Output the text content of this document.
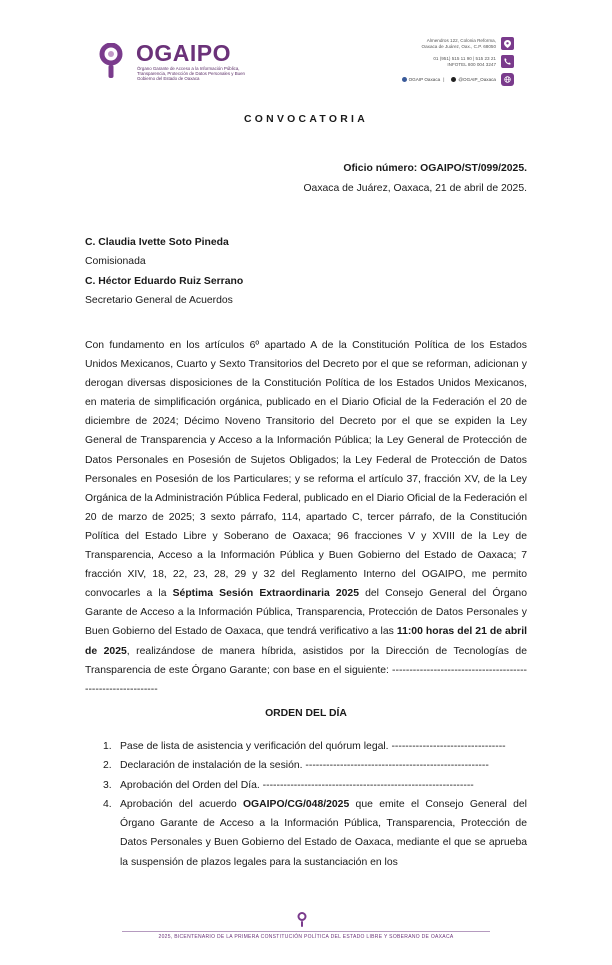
OGAIPO
Órgano Garante de Acceso a la Información Pública, Transparencia, Protección de Datos Personales y Buen Gobierno del Estado de Oaxaca
Almendros 122, Colonia Reforma,
Oaxaca de Juárez, Oax., C.P. 68050
01 (951) 515 11 90 | 515 23 21
INFOTEL 800 004 3247
OGAIP Oaxaca |	@OGAIP_Oaxaca
CONVOCATORIA
Oficio número: OGAIPO/ST/099/2025.
Oaxaca de Juárez, Oaxaca, 21 de abril de 2025.
C. Claudia Ivette Soto Pineda
Comisionada
C. Héctor Eduardo Ruiz Serrano
Secretario General de Acuerdos
Con fundamento en los artículos 6º apartado A de la Constitución Política de los Estados Unidos Mexicanos, Cuarto y Sexto Transitorios del Decreto por el que se reforman, adicionan y derogan diversas disposiciones de la Constitución Política de los Estados Unidos Mexicanos, en materia de simplificación orgánica, publicado en el Diario Oficial de la Federación el 20 de diciembre de 2024; Décimo Noveno Transitorio del Decreto por el que se expiden la Ley General de Transparencia y Acceso a la Información Pública; la Ley General de Protección de Datos Personales en Posesión de Sujetos Obligados; la Ley Federal de Protección de Datos Personales en Posesión de los Particulares; y se reforma el artículo 37, fracción XV, de la Ley Orgánica de la Administración Pública Federal, publicado en el Diario Oficial de la Federación el 20 de marzo de 2025; 3 sexto párrafo, 114, apartado C, tercer párrafo, de la Constitución Política del Estado Libre y Soberano de Oaxaca; 96 fracciones V y XVIII de la Ley de Transparencia, Acceso a la Información Pública y Buen Gobierno del Estado de Oaxaca; 7 fracción XIV, 18, 22, 23, 28, 29 y 32 del Reglamento Interno del OGAIPO, me permito convocarles a la Séptima Sesión Extraordinaria 2025 del Consejo General del Órgano Garante de Acceso a la Información Pública, Transparencia, Protección de Datos Personales y Buen Gobierno del Estado de Oaxaca, que tendrá verificativo a las 11:00 horas del 21 de abril de 2025, realizándose de manera híbrida, asistidos por la Dirección de Tecnologías de Transparencia de este Órgano Garante; con base en el siguiente: ------------------------------------------------------------
ORDEN DEL DÍA
1. Pase de lista de asistencia y verificación del quórum legal. ---------------------------------
2. Declaración de instalación de la sesión. -----------------------------------------------------
3. Aprobación del Orden del Día. -------------------------------------------------------------
4. Aprobación del acuerdo OGAIPO/CG/048/2025 que emite el Consejo General del Órgano Garante de Acceso a la Información Pública, Transparencia, Protección de Datos Personales y Buen Gobierno del Estado de Oaxaca, mediante el que se aprueba la suspensión de plazos legales para la sustanciación en los
2025, BICENTENARIO DE LA PRIMERA CONSTITUCIÓN POLÍTICA DEL ESTADO LIBRE Y SOBERANO DE OAXACA
